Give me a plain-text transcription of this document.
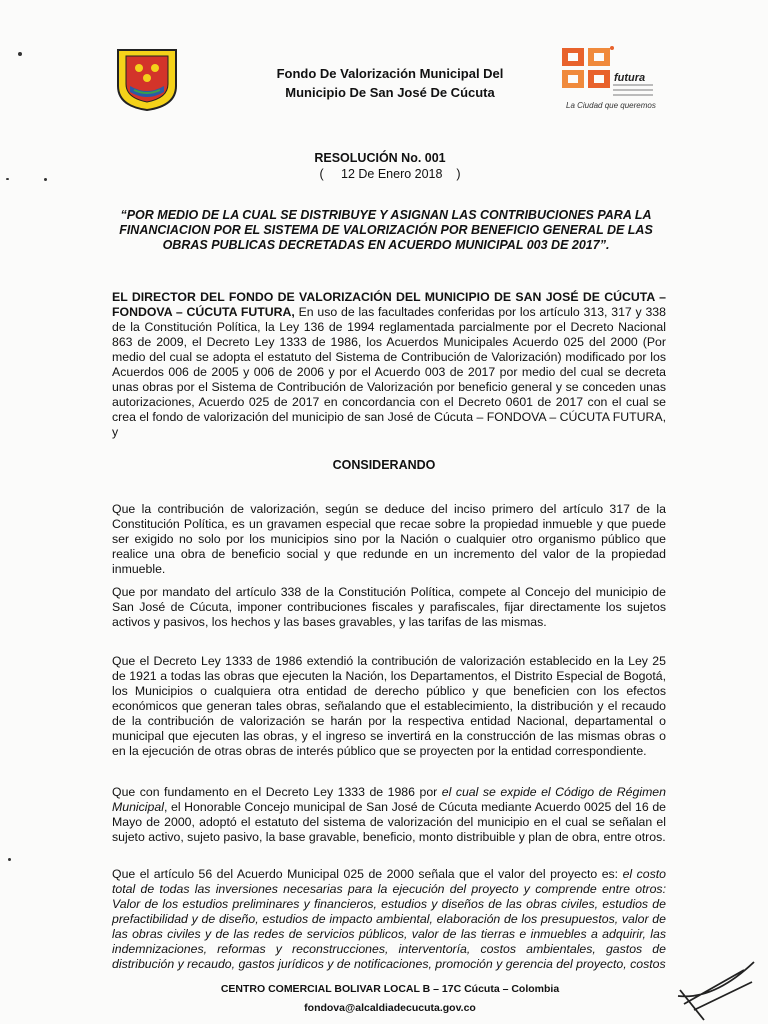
Fondo De Valorización Municipal Del
Municipio De San José De Cúcuta
futura
La Ciudad que queremos
RESOLUCIÓN No. 001
(     12 De Enero 2018    )
“POR MEDIO DE LA CUAL SE DISTRIBUYE Y ASIGNAN LAS CONTRIBUCIONES PARA LA FINANCIACION POR EL SISTEMA DE VALORIZACIÓN POR BENEFICIO GENERAL DE LAS OBRAS PUBLICAS DECRETADAS EN ACUERDO MUNICIPAL 003 DE 2017”.
EL DIRECTOR DEL FONDO DE VALORIZACIÓN DEL MUNICIPIO DE SAN JOSÉ DE CÚCUTA – FONDOVA – CÚCUTA FUTURA, En uso de las facultades conferidas por los artículo 313, 317 y 338 de la Constitución Política, la Ley 136 de 1994 reglamentada parcialmente por el Decreto Nacional 863 de 2009, el Decreto Ley 1333 de 1986, los Acuerdos Municipales Acuerdo 025 del 2000 (Por medio del cual se adopta el estatuto del Sistema de Contribución de Valorización) modificado por los Acuerdos 006 de 2005 y 006 de 2006 y por el Acuerdo 003 de 2017 por medio del cual se decreta unas obras por el Sistema de Contribución de Valorización por beneficio general y se conceden unas autorizaciones, Acuerdo 025 de 2017 en concordancia con el Decreto 0601 de 2017 con el cual se crea el fondo de valorización del municipio de san José de Cúcuta – FONDOVA – CÚCUTA FUTURA, y
CONSIDERANDO
Que la contribución de valorización, según se deduce del inciso primero del artículo 317 de la Constitución Política, es un gravamen especial que recae sobre la propiedad inmueble y que puede ser exigido no solo por los municipios sino por la Nación o cualquier otro organismo público que realice una obra de beneficio social y que redunde en un incremento del valor de la propiedad inmueble.
Que por mandato del artículo 338 de la Constitución Política, compete al Concejo del municipio de San José de Cúcuta, imponer contribuciones fiscales y parafiscales, fijar directamente los sujetos activos y pasivos, los hechos y las bases gravables, y las tarifas de las mismas.
Que el Decreto Ley 1333 de 1986 extendió la contribución de valorización establecido en la Ley 25 de 1921 a todas las obras que ejecuten la Nación, los Departamentos, el Distrito Especial de Bogotá, los Municipios o cualquiera otra entidad de derecho público y que beneficien con los efectos económicos que generan tales obras, señalando que el establecimiento, la distribución y el recaudo de la contribución de valorización se harán por la respectiva entidad Nacional, departamental o municipal que ejecuten las obras, y el ingreso se invertirá en la construcción de las mismas obras o en la ejecución de otras obras de interés público que se proyecten por la entidad correspondiente.
Que con fundamento en el Decreto Ley 1333 de 1986 por el cual se expide el Código de Régimen Municipal, el Honorable Concejo municipal de San José de Cúcuta mediante Acuerdo 0025 del 16 de Mayo de 2000, adoptó el estatuto del sistema de valorización del municipio en el cual se señalan el sujeto activo, sujeto pasivo, la base gravable, beneficio, monto distribuible y plan de obra, entre otros.
Que el artículo 56 del Acuerdo Municipal 025 de 2000 señala que el valor del proyecto es: el costo total de todas las inversiones necesarias para la ejecución del proyecto y comprende entre otros: Valor de los estudios preliminares y financieros, estudios y diseños de las obras civiles, estudios de prefactibilidad y de diseño, estudios de impacto ambiental, elaboración de los presupuestos, valor de las obras civiles y de las redes de servicios públicos, valor de las tierras e inmuebles a adquirir, las indemnizaciones, reformas y reconstrucciones, interventoría, costos ambientales, gastos de distribución y recaudo, gastos jurídicos y de notificaciones, promoción y gerencia del proyecto, costos
CENTRO COMERCIAL BOLIVAR LOCAL B – 17C Cúcuta – Colombia
fondova@alcaldiadecucuta.gov.co
